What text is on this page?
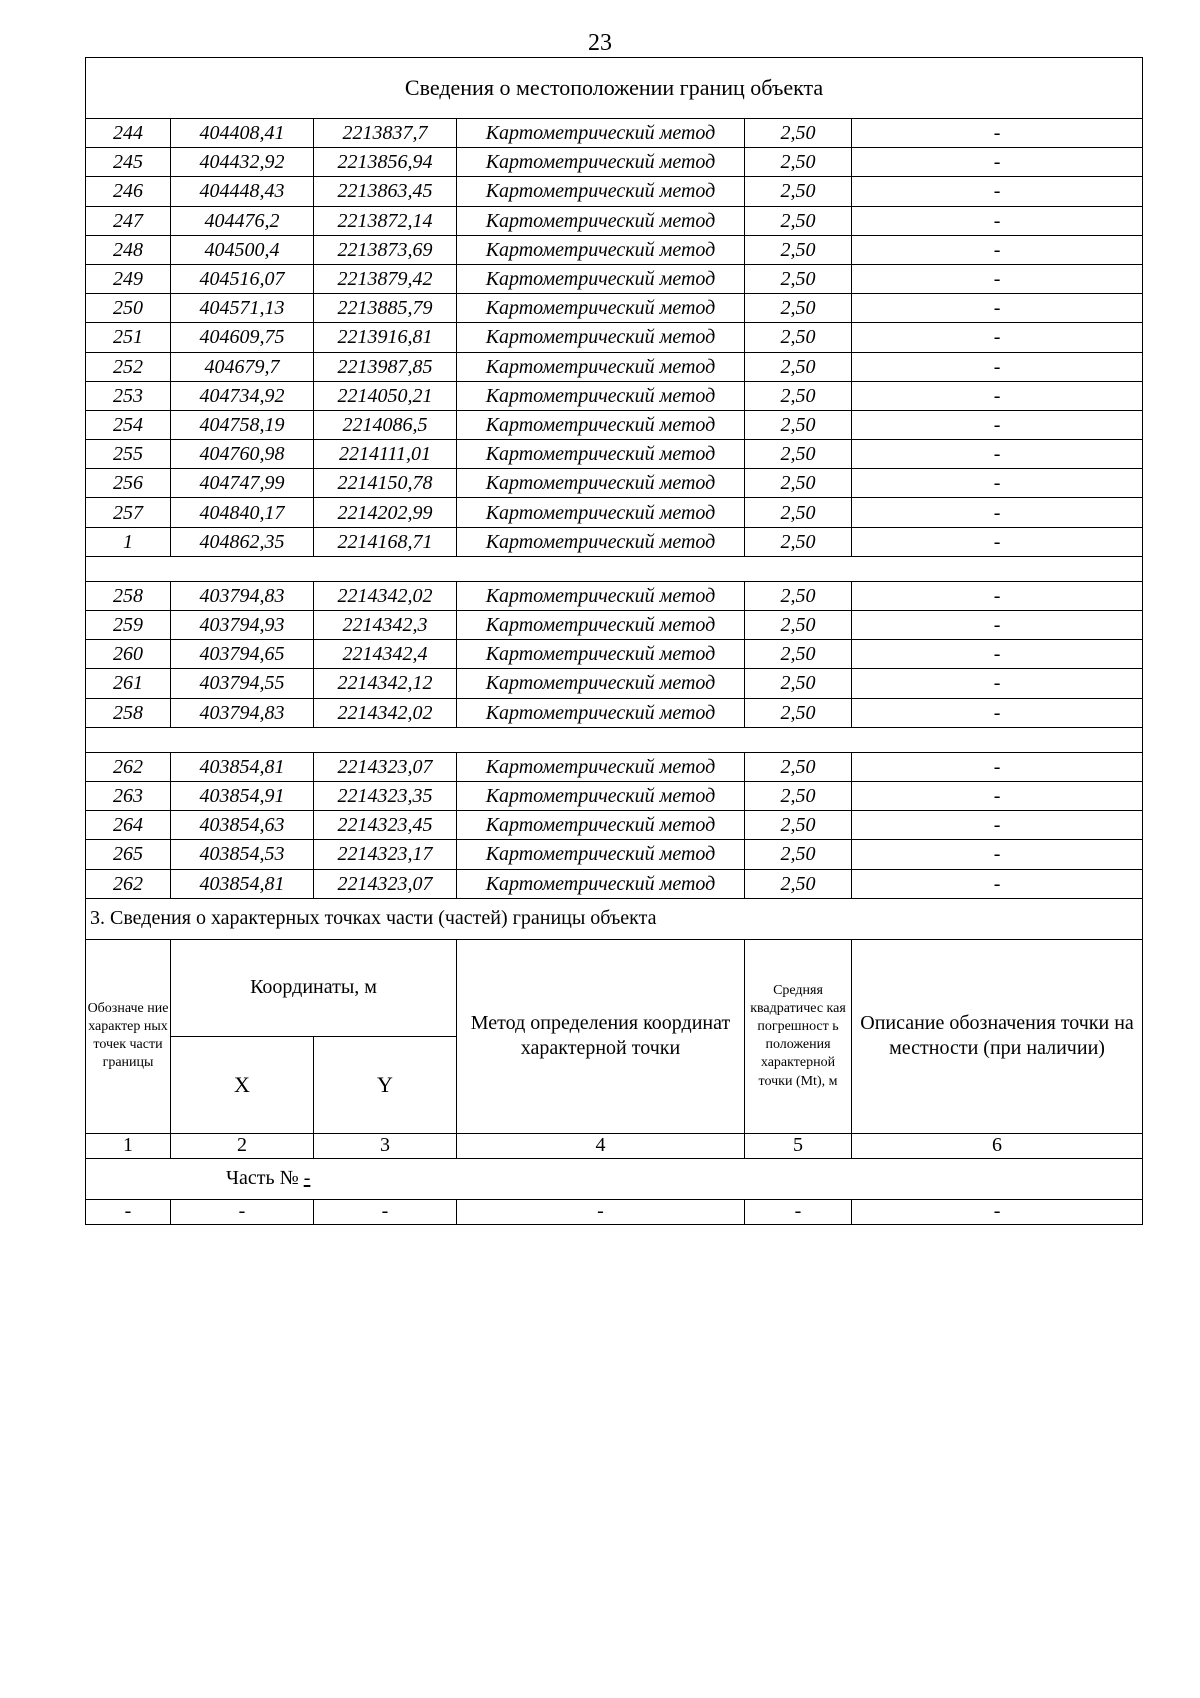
23
Сведения о местоположении границ объекта					
244	404408,41	2213837,7	Картометрический метод	2,50	-
245	404432,92	2213856,94	Картометрический метод	2,50	-
246	404448,43	2213863,45	Картометрический метод	2,50	-
247	404476,2	2213872,14	Картометрический метод	2,50	-
248	404500,4	2213873,69	Картометрический метод	2,50	-
249	404516,07	2213879,42	Картометрический метод	2,50	-
250	404571,13	2213885,79	Картометрический метод	2,50	-
251	404609,75	2213916,81	Картометрический метод	2,50	-
252	404679,7	2213987,85	Картометрический метод	2,50	-
253	404734,92	2214050,21	Картометрический метод	2,50	-
254	404758,19	2214086,5	Картометрический метод	2,50	-
255	404760,98	2214111,01	Картометрический метод	2,50	-
256	404747,99	2214150,78	Картометрический метод	2,50	-
257	404840,17	2214202,99	Картометрический метод	2,50	-
1	404862,35	2214168,71	Картометрический метод	2,50	-

258	403794,83	2214342,02	Картометрический метод	2,50	-
259	403794,93	2214342,3	Картометрический метод	2,50	-
260	403794,65	2214342,4	Картометрический метод	2,50	-
261	403794,55	2214342,12	Картометрический метод	2,50	-
258	403794,83	2214342,02	Картометрический метод	2,50	-

262	403854,81	2214323,07	Картометрический метод	2,50	-
263	403854,91	2214323,35	Картометрический метод	2,50	-
264	403854,63	2214323,45	Картометрический метод	2,50	-
265	403854,53	2214323,17	Картометрический метод	2,50	-
262	403854,81	2214323,07	Картометрический метод	2,50	-
3. Сведения о характерных точках части (частей) границы объекта					
Обозначе ние характер ных точек части границы	Координаты, м		Метод определения координат характерной точки	Средняя квадратичес кая погрешност ь положения характерной точки (Mt), м	Описание обозначения точки на местности (при наличии)
	X	Y			
1	2	3	4	5	6
Часть № -					
-	-	-	-	-	-
